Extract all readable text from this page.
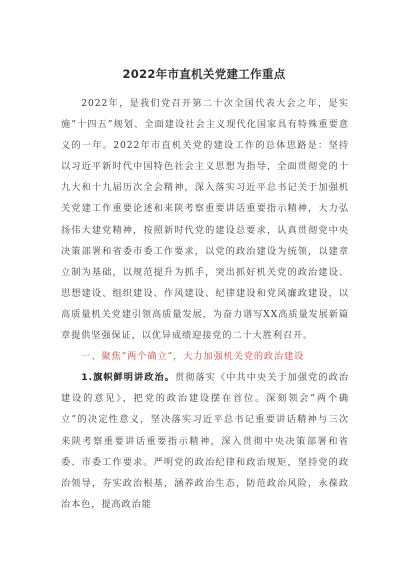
2022年市直机关党建工作重点

2022年，是我们党召开第二十次全国代表大会之年，是实施”十四五”规划、全面建设社会主义现代化国家具有特殊重要意义的一年。2022年市直机关党的建设工作的总体思路是：坚持以习近平新时代中国特色社会主义思想为指导，全面贯彻党的十九大和十九届历次全会精神，深入落实习近平总书记关于加强机关党建工作重要论述和来陕考察重要讲话重要指示精神，大力弘扬伟大建党精神，按照新时代党的建设总要求，认真贯彻党中央决策部署和省委市委工作要求，以党的政治建设为统领，以建章立制为基础，以规范提升为抓手，突出抓好机关党的政治建设、思想建设、组织建设、作风建设、纪律建设和党风廉政建设，以高质量机关党建引领高质量发展，为奋力谱写XX高质量发展新篇章提供坚强保证，以优异成绩迎接党的二十大胜利召开。

一、聚焦”两个确立”，大力加强机关党的政治建设

1.旗帜鲜明讲政治。贯彻落实《中共中央关于加强党的政治建设的意见》，把党的政治建设摆在首位。深刻领会”两个确立”的决定性意义，坚决落实习近平总书记重要讲话精神与三次来陕考察重要讲话重要指示精神，深入贯彻中央决策部署和省委、市委工作要求。严明党的政治纪律和政治规矩，坚持党的政治领导，夯实政治根基，涵养政治生态，防范政治风险，永葆政治本色，提高政治能
